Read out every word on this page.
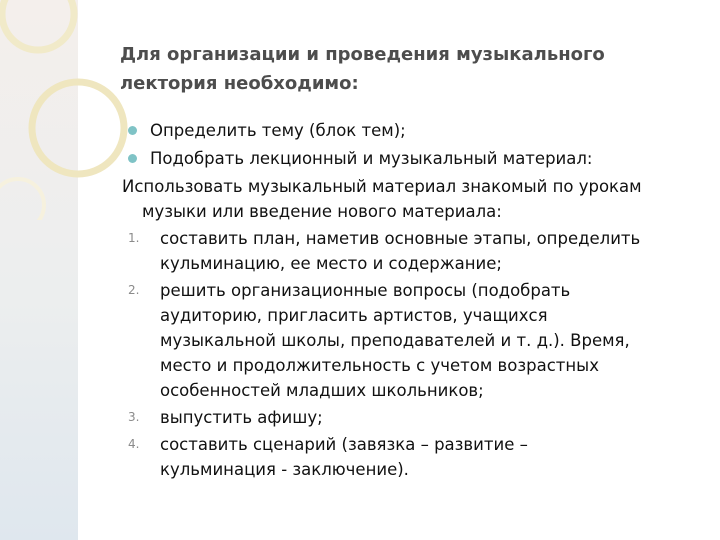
Для организации и проведения музыкального
лектория необходимо:
Определить тему (блок тем);
Подобрать лекционный и музыкальный материал:
Использовать музыкальный материал знакомый по урокам
музыки или введение нового материала:
1. составить план, наметив основные этапы, определить
кульминацию, ее место и содержание;
2. решить организационные вопросы (подобрать
аудиторию, пригласить артистов, учащихся
музыкальной школы, преподавателей и т. д.). Время,
место и продолжительность с учетом возрастных
особенностей младших школьников;
3. выпустить афишу;
4. составить сценарий (завязка – развитие –
кульминация - заключение).
